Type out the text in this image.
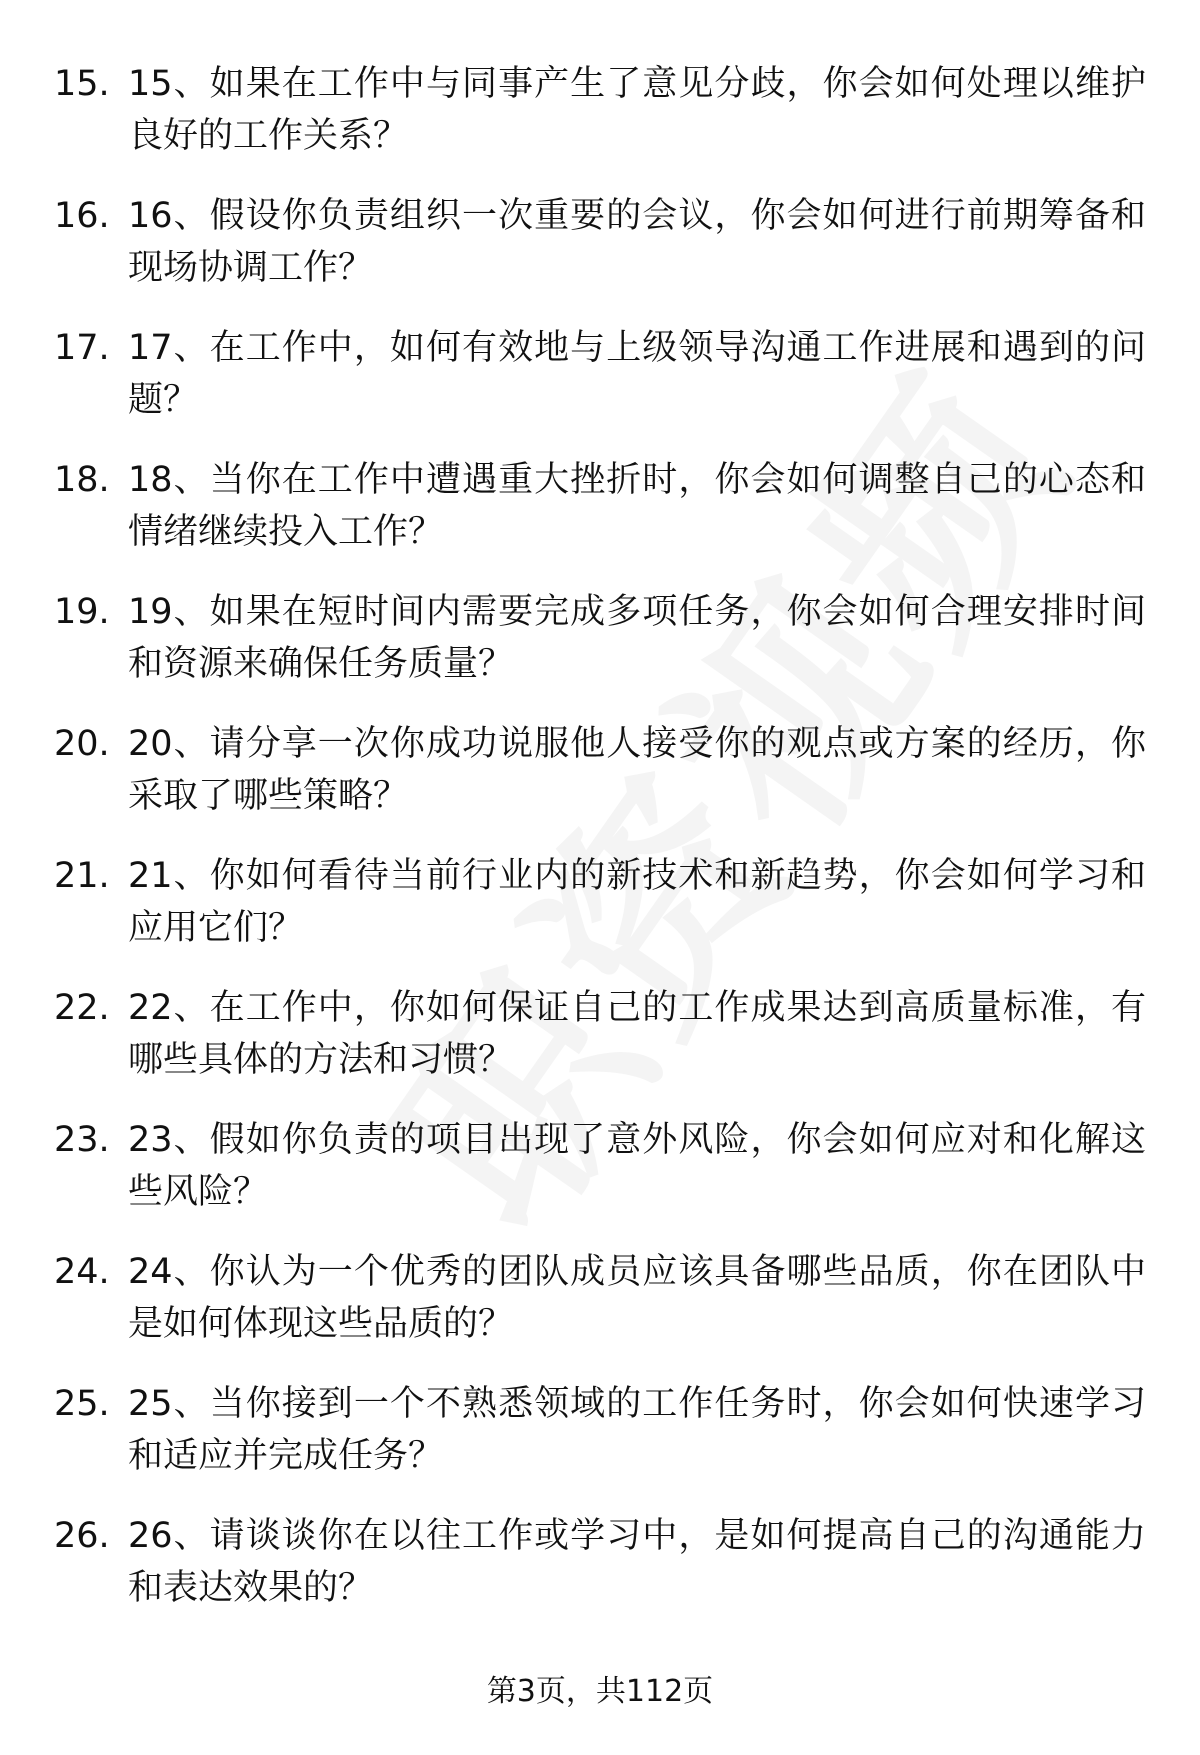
15. 15、如果在工作中与同事产生了意见分歧，你会如何处理以维护良好的工作关系？
16. 16、假设你负责组织一次重要的会议，你会如何进行前期筹备和现场协调工作？
17. 17、在工作中，如何有效地与上级领导沟通工作进展和遇到的问题？
18. 18、当你在工作中遭遇重大挫折时，你会如何调整自己的心态和情绪继续投入工作？
19. 19、如果在短时间内需要完成多项任务，你会如何合理安排时间和资源来确保任务质量？
20. 20、请分享一次你成功说服他人接受你的观点或方案的经历，你采取了哪些策略？
21. 21、你如何看待当前行业内的新技术和新趋势，你会如何学习和应用它们？
22. 22、在工作中，你如何保证自己的工作成果达到高质量标准，有哪些具体的方法和习惯？
23. 23、假如你负责的项目出现了意外风险，你会如何应对和化解这些风险？
24. 24、你认为一个优秀的团队成员应该具备哪些品质，你在团队中是如何体现这些品质的？
25. 25、当你接到一个不熟悉领域的工作任务时，你会如何快速学习和适应并完成任务？
26. 26、请谈谈你在以往工作或学习中，是如何提高自己的沟通能力和表达效果的？
第3页，共112页
